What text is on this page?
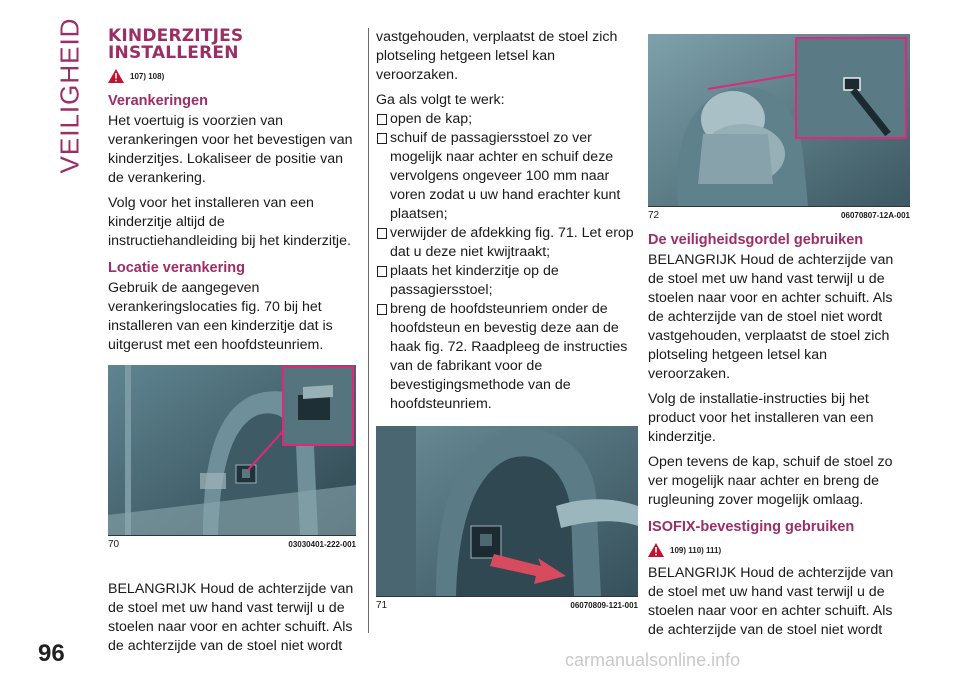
VEILIGHEID
96	carmanualsonline.info
KINDERZITJES
INSTALLEREN
107) 108)
Verankeringen

Het voertuig is voorzien van verankeringen voor het bevestigen van kinderzitjes. Lokaliseer de positie van de verankering.

Volg voor het installeren van een kinderzitje altijd de instructiehandleiding bij het kinderzitje.

Locatie verankering

Gebruik de aangegeven verankeringslocaties fig. 70 bij het installeren van een kinderzitje dat is uitgerust met een hoofdsteunriem.

70	03030401-222-001

BELANGRIJK Houd de achterzijde van de stoel met uw hand vast terwijl u de stoelen naar voor en achter schuift. Als de achterzijde van de stoel niet wordt

vastgehouden, verplaatst de stoel zich plotseling hetgeen letsel kan veroorzaken.

Ga als volgt te werk:

open de kap;
schuif de passagiersstoel zo ver mogelijk naar achter en schuif deze vervolgens ongeveer 100 mm naar voren zodat u uw hand erachter kunt plaatsen;
verwijder de afdekking fig. 71. Let erop dat u deze niet kwijtraakt;
plaats het kinderzitje op de passagiersstoel;
breng de hoofdsteunriem onder de hoofdsteun en bevestig deze aan de haak fig. 72. Raadpleeg de instructies van de fabrikant voor de bevestigingsmethode van de hoofdsteunriem.
71	06070809-121-001
72	06070807-12A-001
De veiligheidsgordel gebruiken

BELANGRIJK Houd de achterzijde van de stoel met uw hand vast terwijl u de stoelen naar voor en achter schuift. Als de achterzijde van de stoel niet wordt vastgehouden, verplaatst de stoel zich plotseling hetgeen letsel kan veroorzaken.

Volg de installatie-instructies bij het product voor het installeren van een kinderzitje.

Open tevens de kap, schuif de stoel zo ver mogelijk naar achter en breng de rugleuning zover mogelijk omlaag.

ISOFIX-bevestiging gebruiken
109) 110) 111)

BELANGRIJK Houd de achterzijde van de stoel met uw hand vast terwijl u de stoelen naar voor en achter schuift. Als de achterzijde van de stoel niet wordt
